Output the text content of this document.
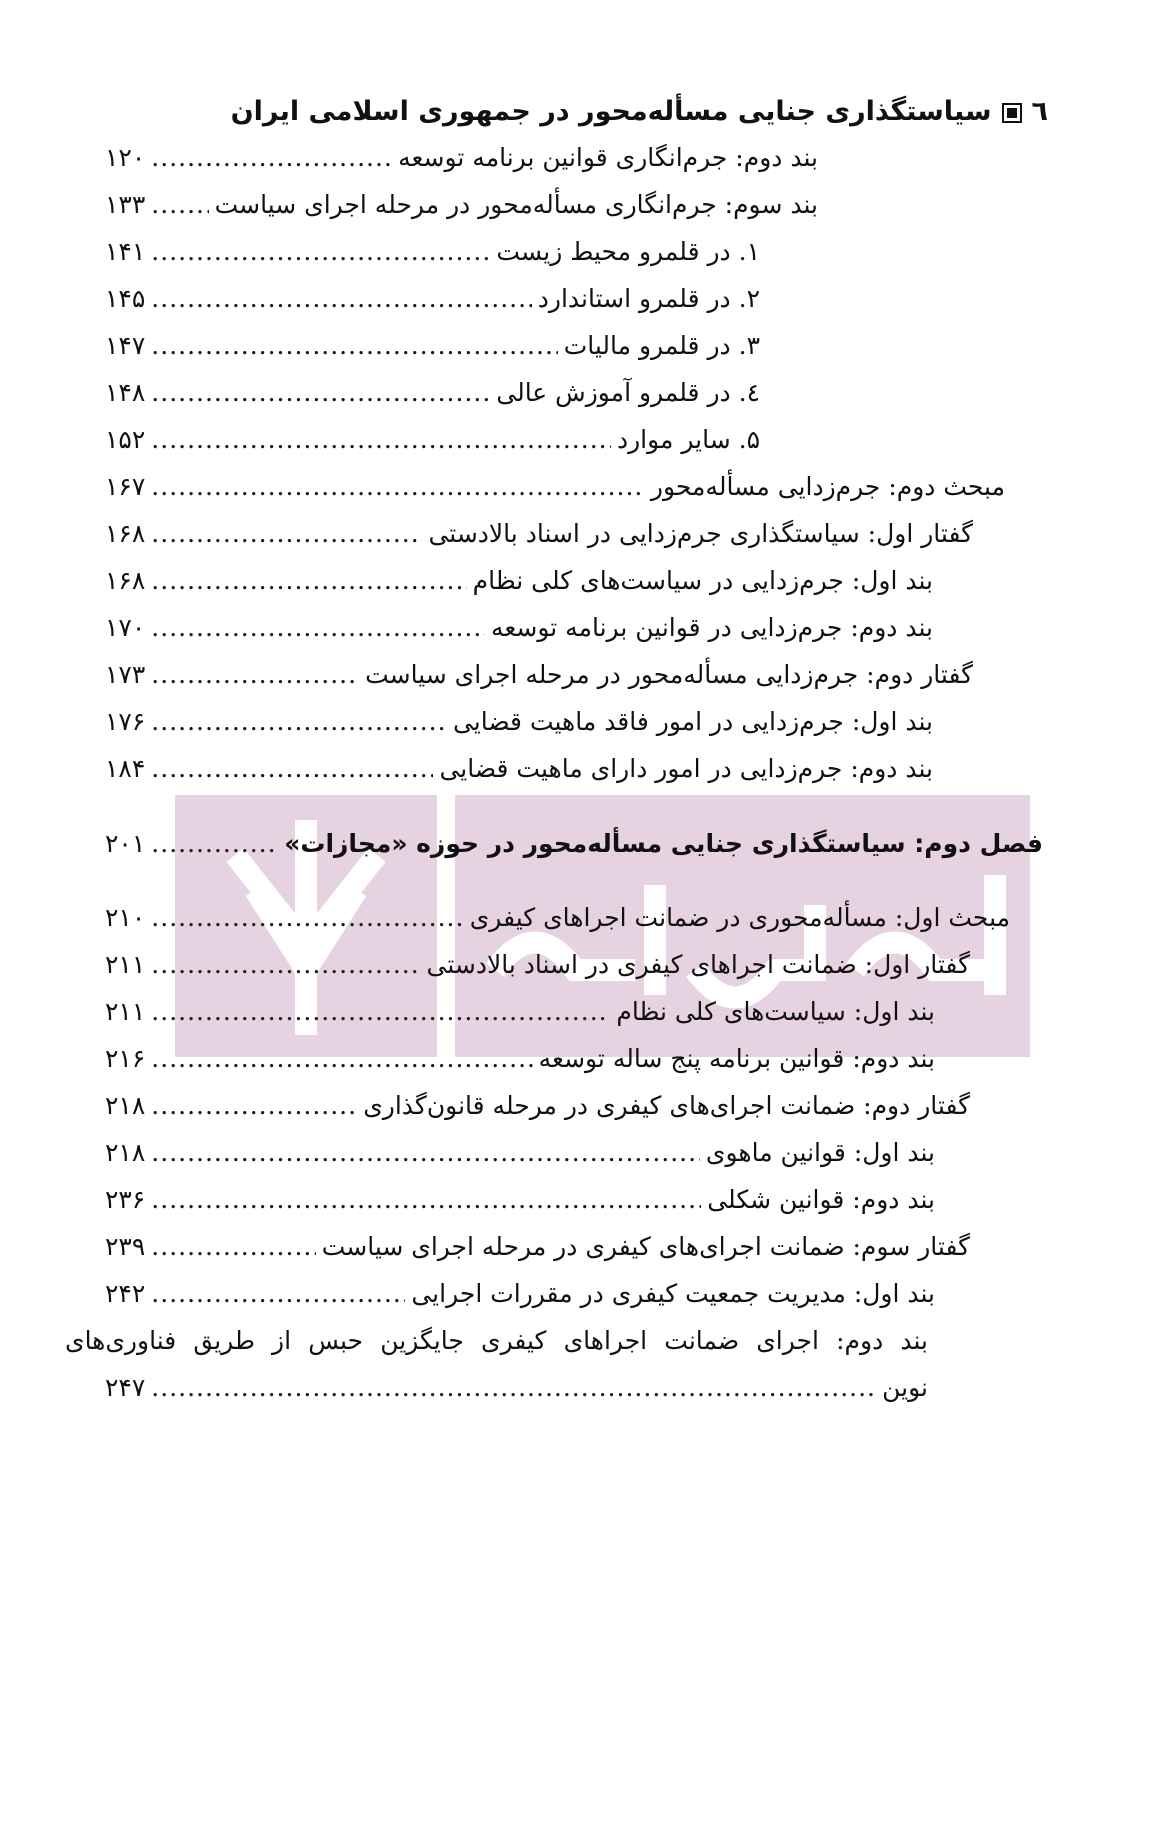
٦سیاستگذاری جنایی مسأله‌محور در جمهوری اسلامی ایران
بند دوم: جرم‌انگاری قوانین برنامه توسعه
.....
۱۲۰
بند سوم: جرم‌انگاری مسأله‌محور در مرحله اجرای سیاست
.....
۱۳۳
۱. در قلمرو محیط زیست
.....
۱۴۱
۲. در قلمرو استاندارد
.....
۱۴۵
۳. در قلمرو مالیات
.....
۱۴۷
٤. در قلمرو آموزش عالی
.....
۱۴۸
۵. سایر موارد
.....
۱۵۲
مبحث دوم: جرم‌زدایی مسأله‌محور
.....
۱۶۷
گفتار اول: سیاستگذاری جرم‌زدایی در اسناد بالادستی
.....
۱۶۸
بند اول: جرم‌زدایی در سیاست‌های کلی نظام
.....
۱۶۸
بند دوم: جرم‌زدایی در قوانین برنامه توسعه
.....
۱۷۰
گفتار دوم: جرم‌زدایی مسأله‌محور در مرحله اجرای سیاست
.....
۱۷۳
بند اول: جرم‌زدایی در امور فاقد ماهیت قضایی
.....
۱۷۶
بند دوم: جرم‌زدایی در امور دارای ماهیت قضایی
.....
۱۸۴
فصل دوم: سیاستگذاری جنایی مسأله‌محور در حوزه «مجازات»
.....
۲۰۱
مبحث اول: مسأله‌محوری در ضمانت اجراهای کیفری
.....
۲۱۰
گفتار اول: ضمانت اجراهای کیفری در اسناد بالادستی
.....
۲۱۱
بند اول: سیاست‌های کلی نظام
.....
۲۱۱
بند دوم: قوانین برنامه پنج ساله توسعه
.....
۲۱۶
گفتار دوم: ضمانت اجرای‌های کیفری در مرحله قانون‌گذاری
.....
۲۱۸
بند اول: قوانین ماهوی
.....
۲۱۸
بند دوم: قوانین شکلی
.....
۲۳۶
گفتار سوم: ضمانت اجرای‌های کیفری در مرحله اجرای سیاست
.....
۲۳۹
بند اول: مدیریت جمعیت کیفری در مقررات اجرایی
.....
۲۴۲
بند دوم: اجرای ضمانت اجراهای کیفری جایگزین حبس از طریق فناوری‌های
نوین
.....
۲۴۷
